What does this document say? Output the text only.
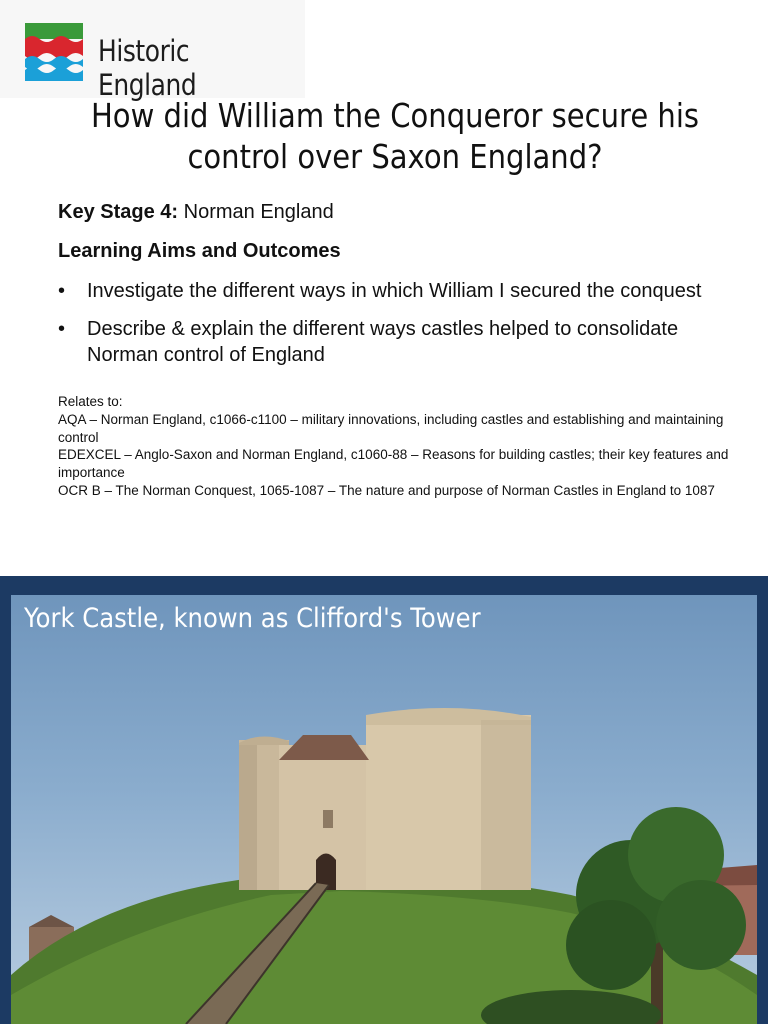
Historic England
How did William the Conqueror secure his control over Saxon England?
Key Stage 4: Norman England
Learning Aims and Outcomes
• Investigate the different ways in which William I secured the conquest
• Describe & explain the different ways castles helped to consolidate Norman control of England
Relates to:
AQA – Norman England, c1066-c1100 – military innovations, including castles and establishing and maintaining control
EDEXCEL – Anglo-Saxon and Norman England, c1060-88 – Reasons for building castles; their key features and importance
OCR B – The Norman Conquest, 1065-1087 – The nature and purpose of Norman Castles in England to 1087
York Castle, known as Clifford's Tower
